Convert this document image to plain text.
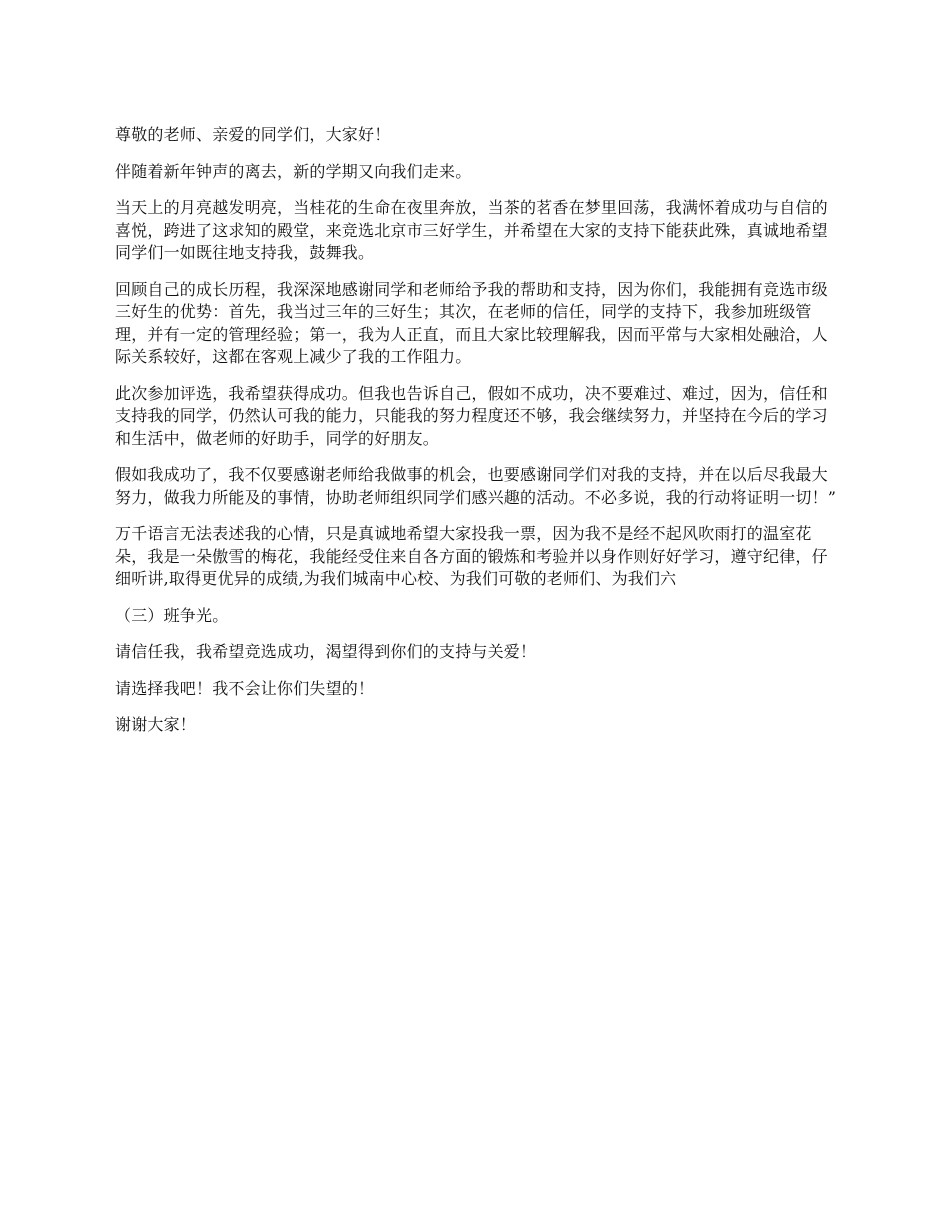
尊敬的老师、亲爱的同学们，大家好！

伴随着新年钟声的离去，新的学期又向我们走来。

当天上的月亮越发明亮，当桂花的生命在夜里奔放，当茶的茗香在梦里回荡，我满怀着成功与自信的喜悦，跨进了这求知的殿堂，来竞选北京市三好学生，并希望在大家的支持下能获此殊，真诚地希望同学们一如既往地支持我，鼓舞我。

回顾自己的成长历程，我深深地感谢同学和老师给予我的帮助和支持，因为你们，我能拥有竞选市级三好生的优势：首先，我当过三年的三好生；其次，在老师的信任，同学的支持下，我参加班级管理，并有一定的管理经验；第一，我为人正直，而且大家比较理解我，因而平常与大家相处融洽，人际关系较好，这都在客观上减少了我的工作阻力。

此次参加评选，我希望获得成功。但我也告诉自己，假如不成功，决不要难过、难过，因为，信任和支持我的同学，仍然认可我的能力，只能我的努力程度还不够，我会继续努力，并坚持在今后的学习和生活中，做老师的好助手，同学的好朋友。

假如我成功了，我不仅要感谢老师给我做事的机会，也要感谢同学们对我的支持，并在以后尽我最大努力，做我力所能及的事情，协助老师组织同学们感兴趣的活动。不必多说，我的行动将证明一切！”

万千语言无法表述我的心情，只是真诚地希望大家投我一票，因为我不是经不起风吹雨打的温室花朵，我是一朵傲雪的梅花，我能经受住来自各方面的锻炼和考验并以身作则好好学习，遵守纪律，仔细听讲,取得更优异的成绩,为我们城南中心校、为我们可敬的老师们、为我们六

（三）班争光。

请信任我，我希望竞选成功，渴望得到你们的支持与关爱！

请选择我吧！我不会让你们失望的！

谢谢大家！
